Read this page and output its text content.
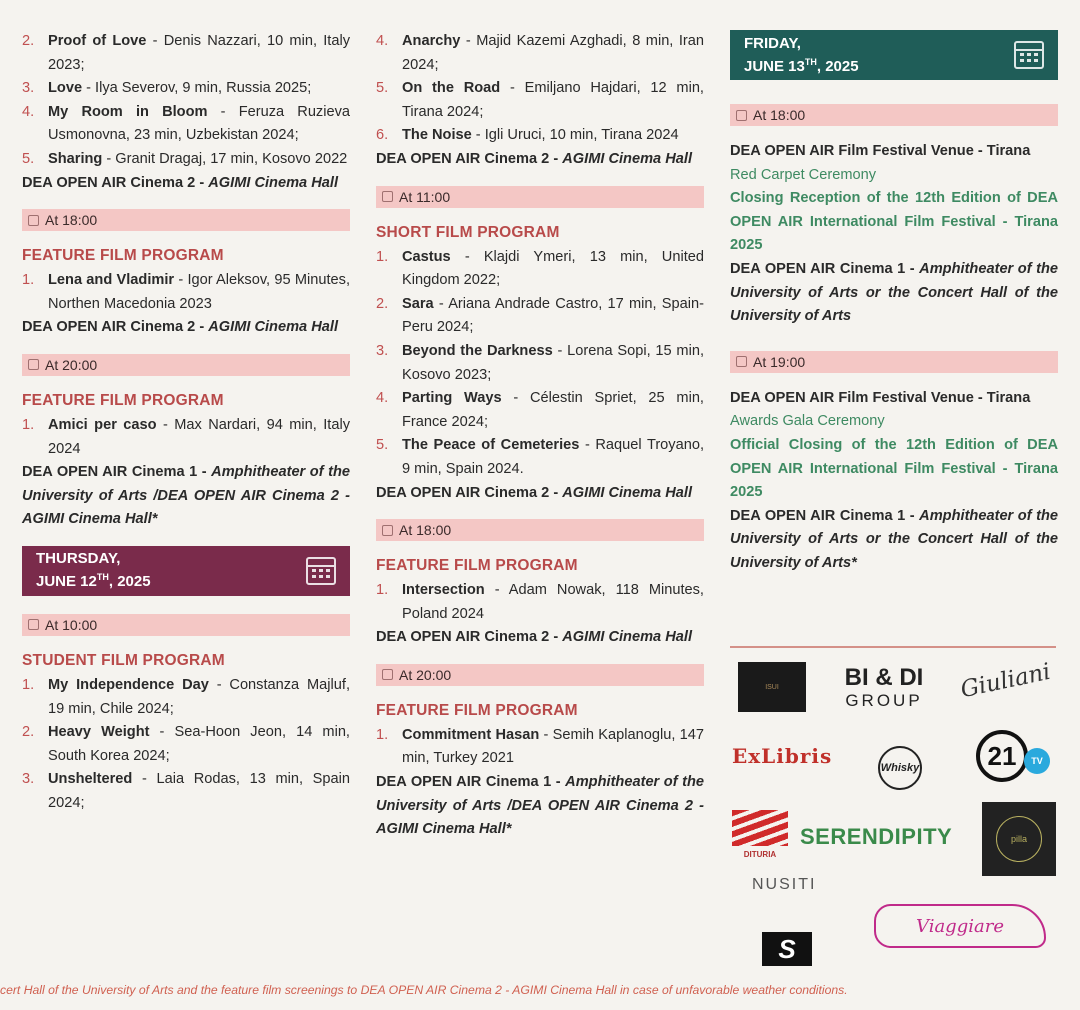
2. Proof of Love - Denis Nazzari, 10 min, Italy 2023;
3. Love - Ilya Severov, 9 min, Russia 2025;
4. My Room in Bloom - Feruza Ruzieva Usmonovna, 23 min, Uzbekistan 2024;
5. Sharing - Granit Dragaj, 17 min, Kosovo 2022

DEA OPEN AIR Cinema 2 - AGIMI Cinema Hall

At 18:00
FEATURE FILM PROGRAM
1. Lena and Vladimir - Igor Aleksov, 95 Minutes, Northen Macedonia 2023

DEA OPEN AIR Cinema 2 - AGIMI Cinema Hall

At 20:00
FEATURE FILM PROGRAM
1. Amici per caso - Max Nardari, 94 min, Italy 2024

DEA OPEN AIR Cinema 1 - Amphitheater of the University of Arts /DEA OPEN AIR Cinema 2 - AGIMI Cinema Hall*

THURSDAY,
JUNE 12TH, 2025
At 10:00
STUDENT FILM PROGRAM
1. My Independence Day - Constanza Majluf, 19 min, Chile 2024;
2. Heavy Weight - Sea-Hoon Jeon, 14 min, South Korea 2024;
3. Unsheltered - Laia Rodas, 13 min, Spain 2024;
4. Anarchy - Majid Kazemi Azghadi, 8 min, Iran 2024;
5. On the Road - Emiljano Hajdari, 12 min, Tirana 2024;
6. The Noise - Igli Uruci, 10 min, Tirana 2024

DEA OPEN AIR Cinema 2 - AGIMI Cinema Hall

At 11:00
SHORT FILM PROGRAM
1. Castus - Klajdi Ymeri, 13 min, United Kingdom 2022;
2. Sara - Ariana Andrade Castro, 17 min, Spain-Peru 2024;
3. Beyond the Darkness - Lorena Sopi, 15 min, Kosovo 2023;
4. Parting Ways - Célestin Spriet, 25 min, France 2024;
5. The Peace of Cemeteries - Raquel Troyano, 9 min, Spain 2024.

DEA OPEN AIR Cinema 2 - AGIMI Cinema Hall

At 18:00
FEATURE FILM PROGRAM
1. Intersection - Adam Nowak, 118 Minutes, Poland 2024

DEA OPEN AIR Cinema 2 - AGIMI Cinema Hall

At 20:00
FEATURE FILM PROGRAM
1. Commitment Hasan - Semih Kaplanoglu, 147 min, Turkey 2021

DEA OPEN AIR Cinema 1 - Amphitheater of the University of Arts /DEA OPEN AIR Cinema 2 - AGIMI Cinema Hall*

FRIDAY,
JUNE 13TH, 2025
At 18:00

DEA OPEN AIR Film Festival Venue - Tirana

Red Carpet Ceremony

Closing Reception of the 12th Edition of DEA OPEN AIR International Film Festival - Tirana 2025

DEA OPEN AIR Cinema 1 - Amphitheater of the University of Arts or the Concert Hall of the University of Arts

At 19:00

DEA OPEN AIR Film Festival Venue - Tirana

Awards Gala Ceremony

Official Closing of the 12th Edition of DEA OPEN AIR International Film Festival - Tirana 2025

DEA OPEN AIR Cinema 1 - Amphitheater of the University of Arts or the Concert Hall of the University of Arts*

ISUI	BI & DI
GROUP	Giuliani
ExLibris	Whisky	21	TV
DITURIA
SERENDIPITY	pilla
NUSITI
Viaggiare
S
cert Hall of the University of Arts and the feature film screenings to DEA OPEN AIR Cinema 2 - AGIMI Cinema Hall in case of unfavorable weather conditions.
